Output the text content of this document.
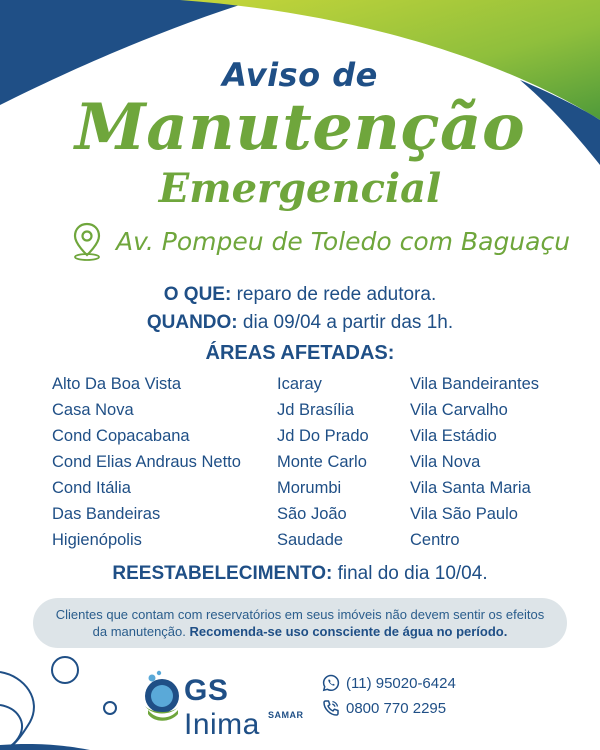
Aviso de
Manutenção
Emergencial
Av. Pompeu de Toledo com Baguaçu
O QUE: reparo de rede adutora.
QUANDO: dia 09/04 a partir das 1h.
ÁREAS AFETADAS:
Alto Da Boa Vista
Casa Nova
Cond Copacabana
Cond Elias Andraus Netto
Cond Itália
Das Bandeiras
Higienópolis
Icaray
Jd Brasília
Jd Do Prado
Monte Carlo
Morumbi
São João
Saudade
Vila Bandeirantes
Vila Carvalho
Vila Estádio
Vila Nova
Vila Santa Maria
Vila São Paulo
Centro
REESTABELECIMENTO: final do dia 10/04.

Clientes que contam com reservatórios em seus imóveis não devem sentir os efeitos da manutenção. Recomenda-se uso consciente de água no período.

GS Inima SAMAR
(11) 95020-6424
0800 770 2295
